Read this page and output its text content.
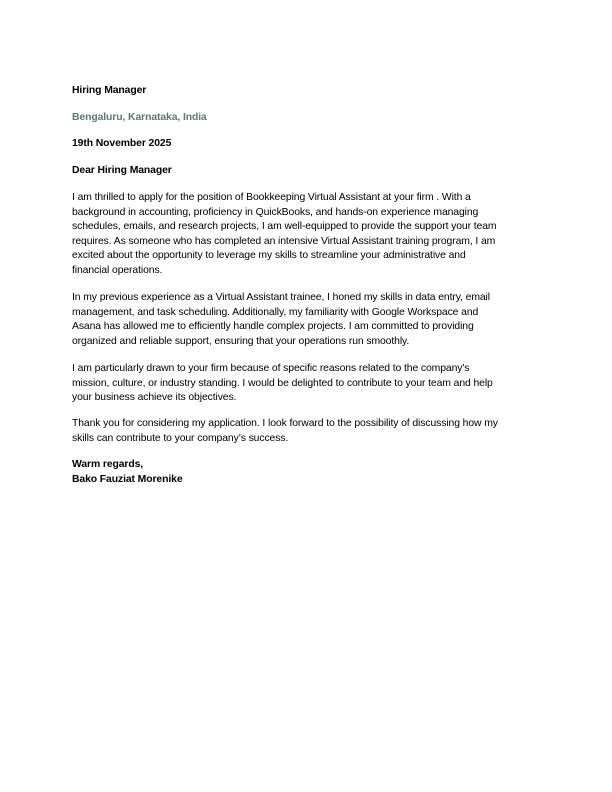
Hiring Manager
Bengaluru, Karnataka, India
19th November 2025
Dear Hiring Manager
I am thrilled to apply for the position of Bookkeeping Virtual Assistant at your firm . With a
background in accounting, proficiency in QuickBooks, and hands-on experience managing
schedules, emails, and research projects, I am well-equipped to provide the support your team
requires. As someone who has completed an intensive Virtual Assistant training program, I am
excited about the opportunity to leverage my skills to streamline your administrative and
financial operations.
In my previous experience as a Virtual Assistant trainee, I honed my skills in data entry, email
management, and task scheduling. Additionally, my familiarity with Google Workspace and
Asana has allowed me to efficiently handle complex projects. I am committed to providing
organized and reliable support, ensuring that your operations run smoothly.
I am particularly drawn to your firm because of specific reasons related to the company's
mission, culture, or industry standing. I would be delighted to contribute to your team and help
your business achieve its objectives.
Thank you for considering my application. I look forward to the possibility of discussing how my
skills can contribute to your company’s success.
Warm regards,
Bako Fauziat Morenike
